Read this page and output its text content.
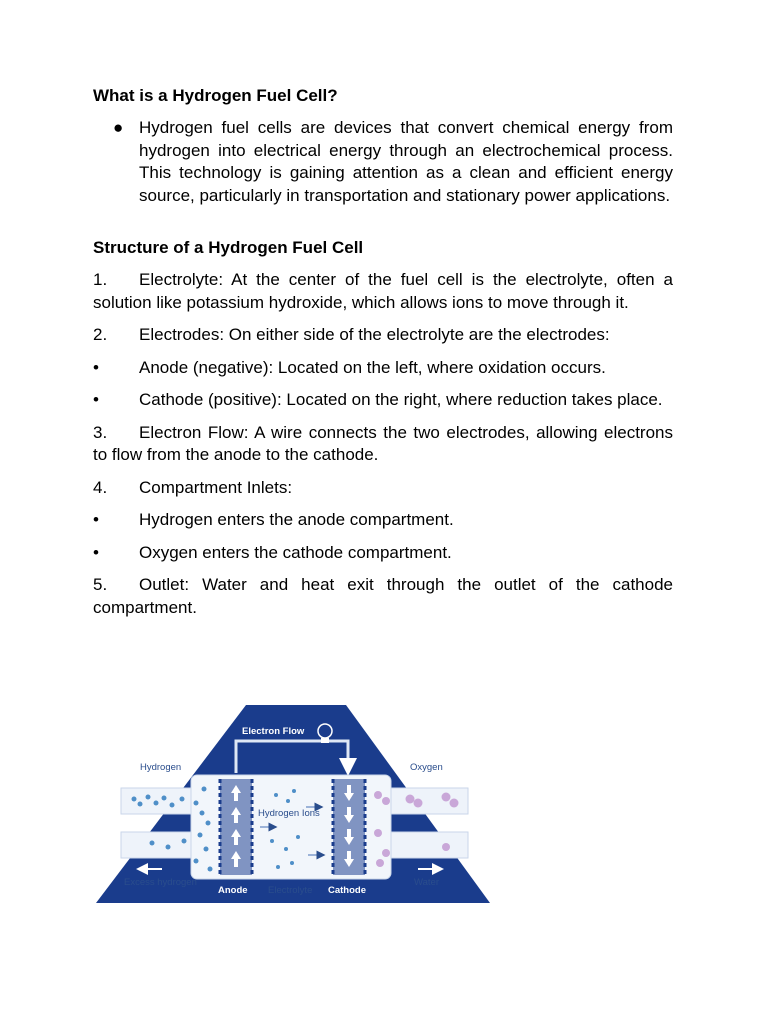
What is a Hydrogen Fuel Cell?
● Hydrogen fuel cells are devices that convert chemical energy from hydrogen into electrical energy through an electrochemical process. This technology is gaining attention as a clean and efficient energy source, particularly in transportation and stationary power applications.

Structure of a Hydrogen Fuel Cell

1. Electrolyte: At the center of the fuel cell is the electrolyte, often a solution like potassium hydroxide, which allows ions to move through it.

2. Electrodes: On either side of the electrolyte are the electrodes:

• Anode (negative): Located on the left, where oxidation occurs.

• Cathode (positive): Located on the right, where reduction takes place.

3. Electron Flow: A wire connects the two electrodes, allowing electrons to flow from the anode to the cathode.

4. Compartment Inlets:

• Hydrogen enters the anode compartment.

• Oxygen enters the cathode compartment.

5. Outlet: Water and heat exit through the outlet of the cathode compartment.

Electron Flow
Hydrogen Ions
Hydrogen	Oxygen
Excess hydrogen
Anode Electrolyte Cathode
Water
